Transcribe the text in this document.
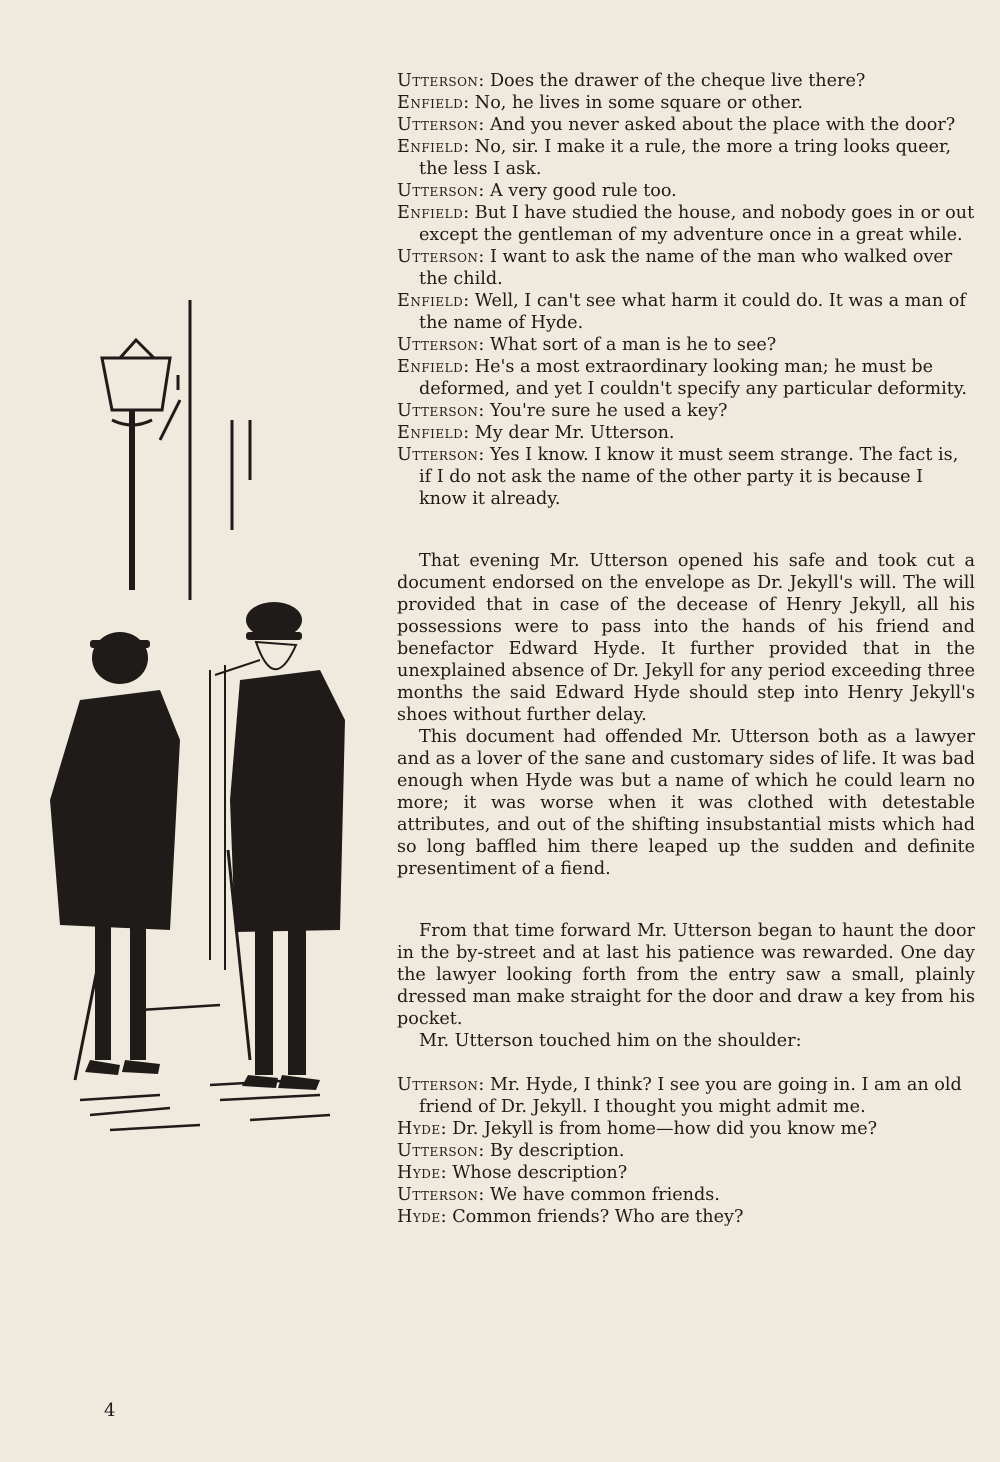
Utterson: Does the drawer of the cheque live there?

Enfield: No, he lives in some square or other.

Utterson: And you never asked about the place with the door?

Enfield: No, sir. I make it a rule, the more a tring looks queer, the less I ask.

Utterson: A very good rule too.

Enfield: But I have studied the house, and nobody goes in or out except the gentleman of my adventure once in a great while.

Utterson: I want to ask the name of the man who walked over the child.

Enfield: Well, I can't see what harm it could do. It was a man of the name of Hyde.

Utterson: What sort of a man is he to see?

Enfield: He's a most extraordinary looking man; he must be deformed, and yet I couldn't specify any particular deformity.

Utterson: You're sure he used a key?

Enfield: My dear Mr. Utterson.

Utterson: Yes I know. I know it must seem strange. The fact is, if I do not ask the name of the other party it is because I know it already.

That evening Mr. Utterson opened his safe and took cut a document endorsed on the envelope as Dr. Jekyll's will. The will provided that in case of the decease of Henry Jekyll, all his possessions were to pass into the hands of his friend and benefactor Edward Hyde. It further provided that in the unexplained absence of Dr. Jekyll for any period exceeding three months the said Edward Hyde should step into Henry Jekyll's shoes without further delay.

This document had offended Mr. Utterson both as a lawyer and as a lover of the sane and customary sides of life. It was bad enough when Hyde was but a name of which he could learn no more; it was worse when it was clothed with detestable attributes, and out of the shifting insubstantial mists which had so long baffled him there leaped up the sudden and definite presentiment of a fiend.

From that time forward Mr. Utterson began to haunt the door in the by-street and at last his patience was rewarded. One day the lawyer looking forth from the entry saw a small, plainly dressed man make straight for the door and draw a key from his pocket.

Mr. Utterson touched him on the shoulder:

Utterson: Mr. Hyde, I think? I see you are going in. I am an old friend of Dr. Jekyll. I thought you might admit me.

Hyde: Dr. Jekyll is from home—how did you know me?

Utterson: By description.

Hyde: Whose description?

Utterson: We have common friends.

Hyde: Common friends? Who are they?

4
